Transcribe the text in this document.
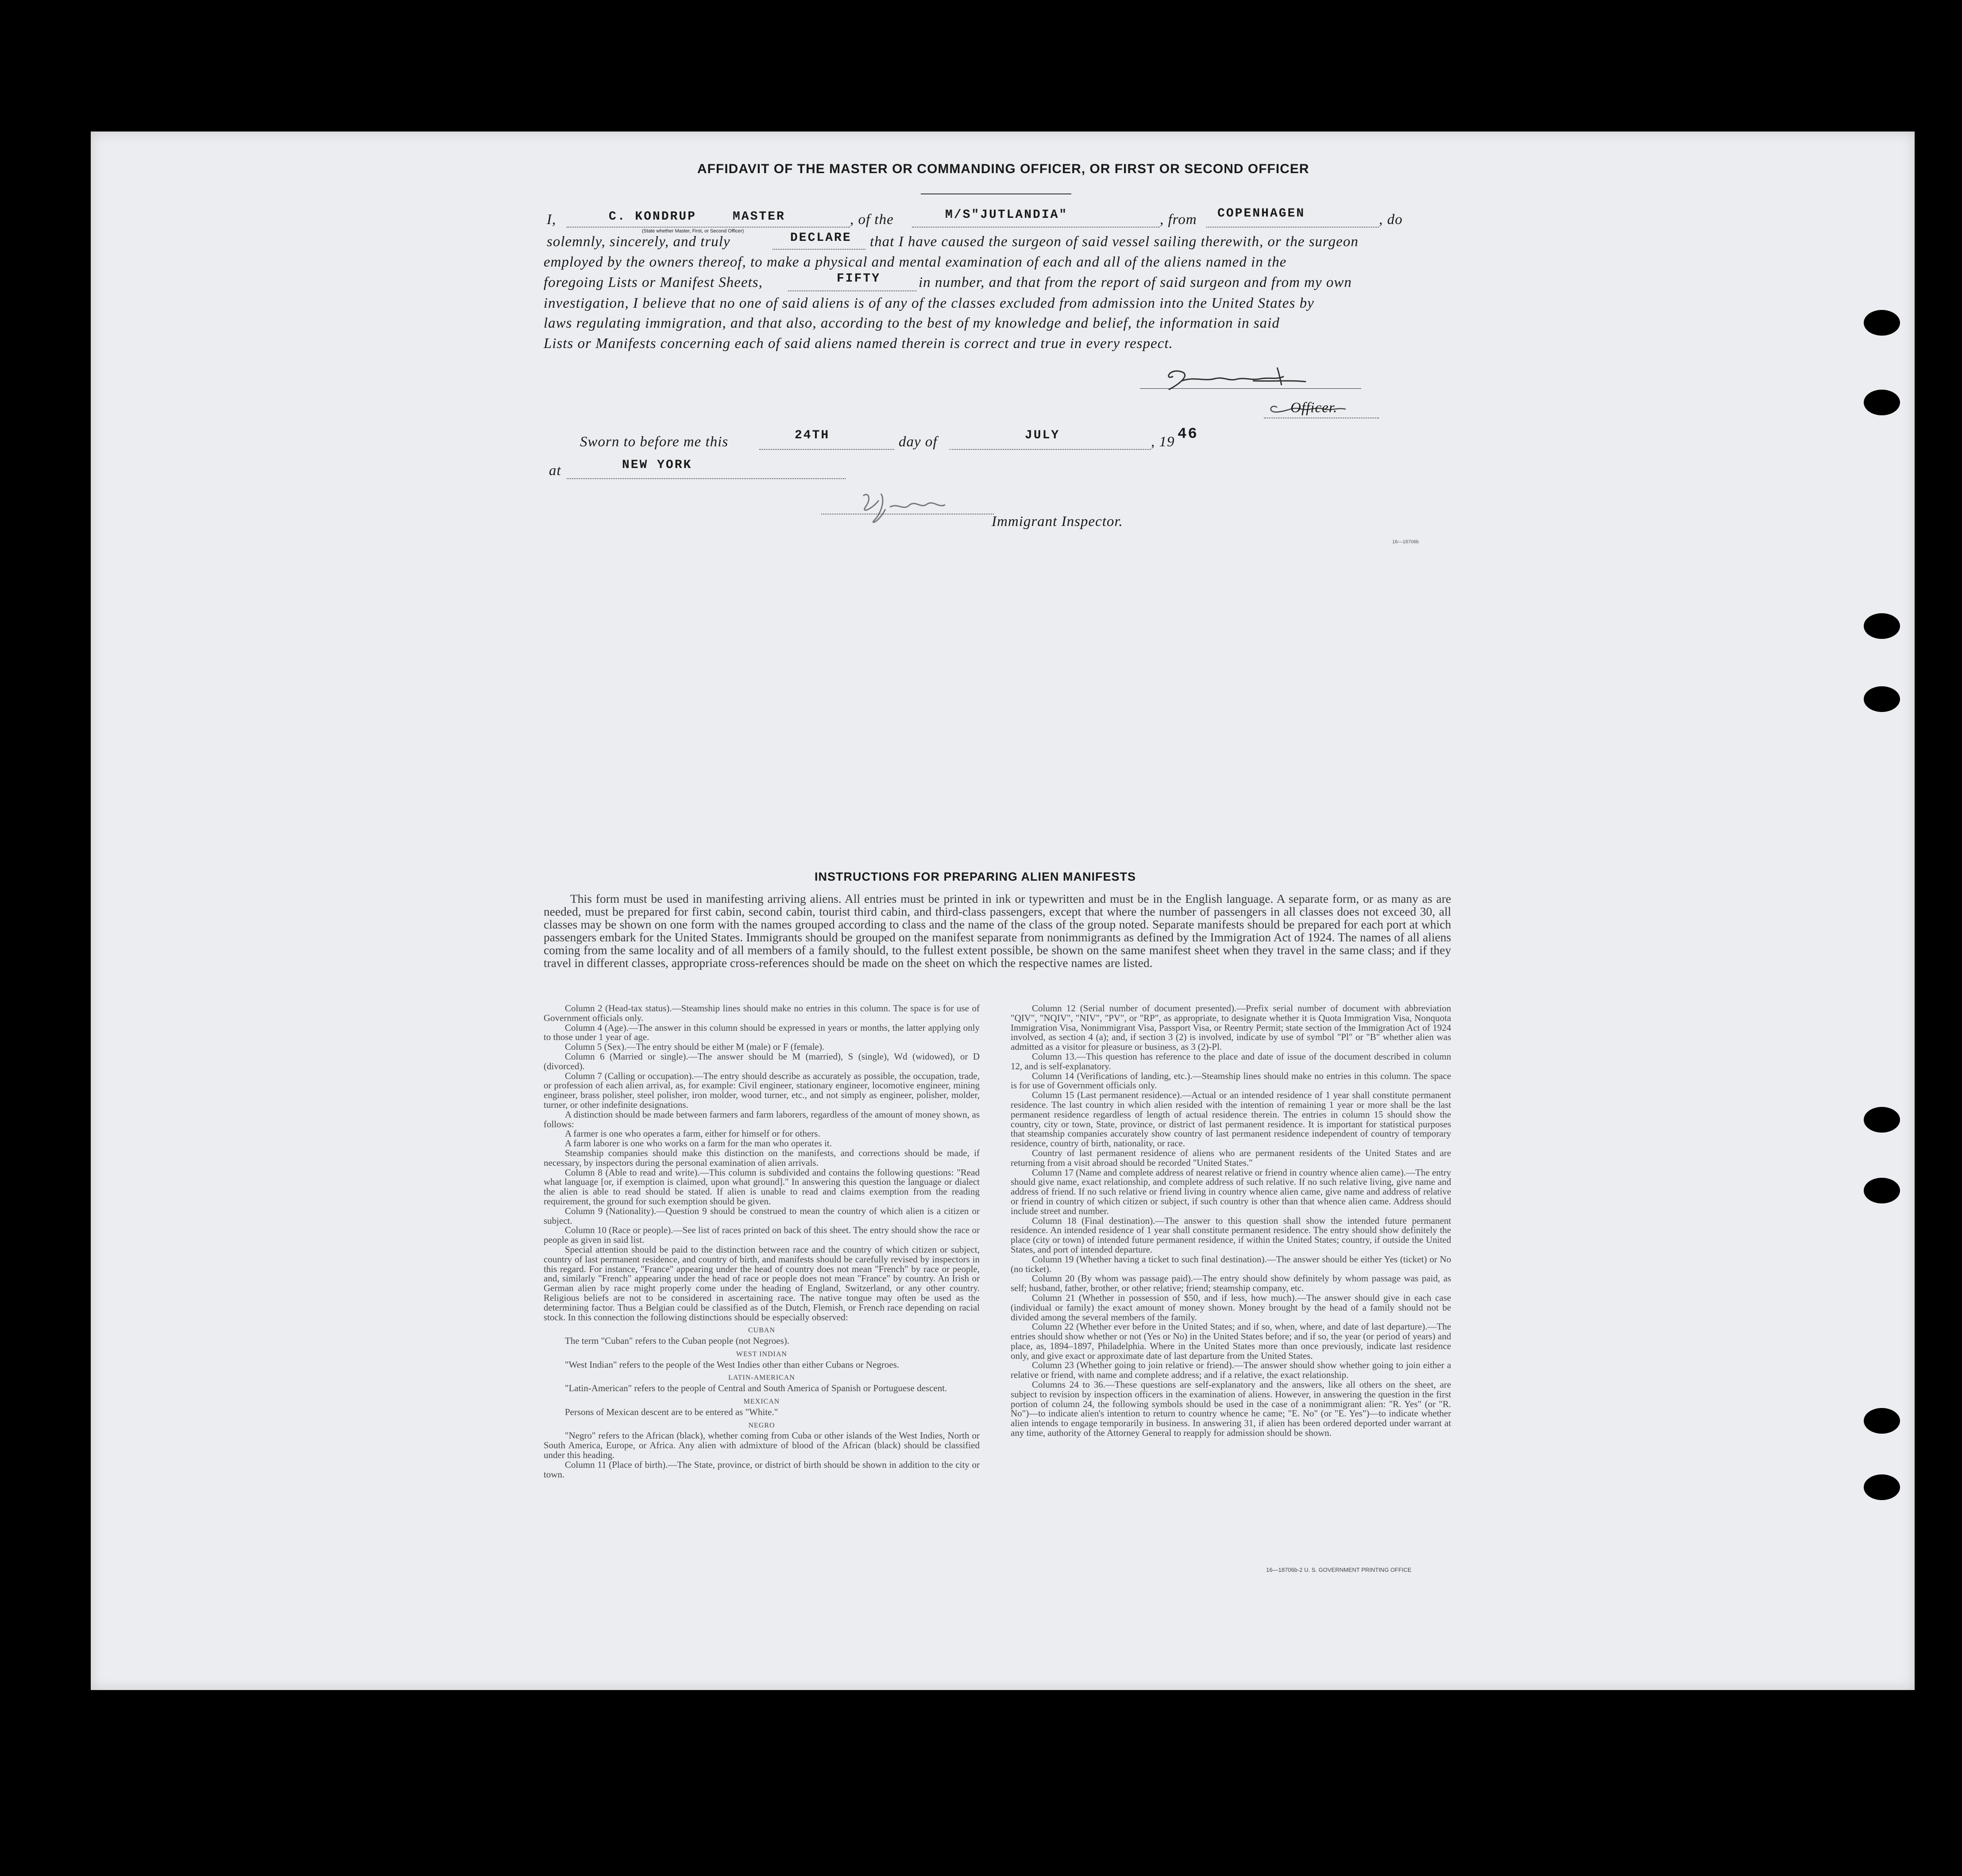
AFFIDAVIT OF THE MASTER OR COMMANDING OFFICER, OR FIRST OR SECOND OFFICER
I,	C. KONDRUP	MASTER
(State whether Master, First, or Second Officer)
, of the	M/S"JUTLANDIA"	, from COPENHAGEN	, do
solemnly, sincerely, and truly	DECLARE that I have caused the surgeon of said vessel sailing therewith, or the surgeon
employed by the owners thereof, to make a physical and mental examination of each and all of the aliens named in the
foregoing Lists or Manifest Sheets,	FIFTY	in number, and that from the report of said surgeon and from my own
investigation, I believe that no one of said aliens is of any of the classes excluded from admission into the United States by
laws regulating immigration, and that also, according to the best of my knowledge and belief, the information in said
Lists or Manifests concerning each of said aliens named therein is correct and true in every respect.
Officer.
Sworn to before me this	24TH	day of	JULY	, 19 46
at	NEW YORK
Immigrant Inspector.
16—18706b
INSTRUCTIONS FOR PREPARING ALIEN MANIFESTS

This form must be used in manifesting arriving aliens. All entries must be printed in ink or typewritten and must be in the English language. A separate form, or as many as are needed, must be prepared for first cabin, second cabin, tourist third cabin, and third-class passengers, except that where the number of passengers in all classes does not exceed 30, all classes may be shown on one form with the names grouped according to class and the name of the class of the group noted. Separate manifests should be prepared for each port at which passengers embark for the United States. Immigrants should be grouped on the manifest separate from nonimmigrants as defined by the Immigration Act of 1924. The names of all aliens coming from the same locality and of all members of a family should, to the fullest extent possible, be shown on the same manifest sheet when they travel in the same class; and if they travel in different classes, appropriate cross-references should be made on the sheet on which the respective names are listed.

Column 2 (Head-tax status).—Steamship lines should make no entries in this column. The space is for use of Government officials only.

Column 4 (Age).—The answer in this column should be expressed in years or months, the latter applying only to those under 1 year of age.

Column 5 (Sex).—The entry should be either M (male) or F (female).

Column 6 (Married or single).—The answer should be M (married), S (single), Wd (widowed), or D (divorced).

Column 7 (Calling or occupation).—The entry should describe as accurately as possible, the occupation, trade, or profession of each alien arrival, as, for example: Civil engineer, stationary engineer, locomotive engineer, mining engineer, brass polisher, steel polisher, iron molder, wood turner, etc., and not simply as engineer, polisher, molder, turner, or other indefinite designations.

A distinction should be made between farmers and farm laborers, regardless of the amount of money shown, as follows:

A farmer is one who operates a farm, either for himself or for others.

A farm laborer is one who works on a farm for the man who operates it.

Steamship companies should make this distinction on the manifests, and corrections should be made, if necessary, by inspectors during the personal examination of alien arrivals.

Column 8 (Able to read and write).—This column is subdivided and contains the following questions: "Read what language [or, if exemption is claimed, upon what ground]." In answering this question the language or dialect the alien is able to read should be stated. If alien is unable to read and claims exemption from the reading requirement, the ground for such exemption should be given.

Column 9 (Nationality).—Question 9 should be construed to mean the country of which alien is a citizen or subject.

Column 10 (Race or people).—See list of races printed on back of this sheet. The entry should show the race or people as given in said list.

Special attention should be paid to the distinction between race and the country of which citizen or subject, country of last permanent residence, and country of birth, and manifests should be carefully revised by inspectors in this regard. For instance, "France" appearing under the head of country does not mean "French" by race or people, and, similarly "French" appearing under the head of race or people does not mean "France" by country. An Irish or German alien by race might properly come under the heading of England, Switzerland, or any other country. Religious beliefs are not to be considered in ascertaining race. The native tongue may often be used as the determining factor. Thus a Belgian could be classified as of the Dutch, Flemish, or French race depending on racial stock. In this connection the following distinctions should be especially observed:

CUBAN

The term "Cuban" refers to the Cuban people (not Negroes).

WEST INDIAN

"West Indian" refers to the people of the West Indies other than either Cubans or Negroes.

LATIN-AMERICAN

"Latin-American" refers to the people of Central and South America of Spanish or Portuguese descent.

MEXICAN

Persons of Mexican descent are to be entered as "White."

NEGRO

"Negro" refers to the African (black), whether coming from Cuba or other islands of the West Indies, North or South America, Europe, or Africa. Any alien with admixture of blood of the African (black) should be classified under this heading.

Column 11 (Place of birth).—The State, province, or district of birth should be shown in addition to the city or town.

Column 12 (Serial number of document presented).—Prefix serial number of document with abbreviation "QIV", "NQIV", "NIV", "PV", or "RP", as appropriate, to designate whether it is Quota Immigration Visa, Nonquota Immigration Visa, Nonimmigrant Visa, Passport Visa, or Reentry Permit; state section of the Immigration Act of 1924 involved, as section 4 (a); and, if section 3 (2) is involved, indicate by use of symbol "Pl" or "B" whether alien was admitted as a visitor for pleasure or business, as 3 (2)-Pl.

Column 13.—This question has reference to the place and date of issue of the document described in column 12, and is self-explanatory.

Column 14 (Verifications of landing, etc.).—Steamship lines should make no entries in this column. The space is for use of Government officials only.

Column 15 (Last permanent residence).—Actual or an intended residence of 1 year shall constitute permanent residence. The last country in which alien resided with the intention of remaining 1 year or more shall be the last permanent residence regardless of length of actual residence therein. The entries in column 15 should show the country, city or town, State, province, or district of last permanent residence. It is important for statistical purposes that steamship companies accurately show country of last permanent residence independent of country of temporary residence, country of birth, nationality, or race.

Country of last permanent residence of aliens who are permanent residents of the United States and are returning from a visit abroad should be recorded "United States."

Column 17 (Name and complete address of nearest relative or friend in country whence alien came).—The entry should give name, exact relationship, and complete address of such relative. If no such relative living, give name and address of friend. If no such relative or friend living in country whence alien came, give name and address of relative or friend in country of which citizen or subject, if such country is other than that whence alien came. Address should include street and number.

Column 18 (Final destination).—The answer to this question shall show the intended future permanent residence. An intended residence of 1 year shall constitute permanent residence. The entry should show definitely the place (city or town) of intended future permanent residence, if within the United States; country, if outside the United States, and port of intended departure.

Column 19 (Whether having a ticket to such final destination).—The answer should be either Yes (ticket) or No (no ticket).

Column 20 (By whom was passage paid).—The entry should show definitely by whom passage was paid, as self; husband, father, brother, or other relative; friend; steamship company, etc.

Column 21 (Whether in possession of $50, and if less, how much).—The answer should give in each case (individual or family) the exact amount of money shown. Money brought by the head of a family should not be divided among the several members of the family.

Column 22 (Whether ever before in the United States; and if so, when, where, and date of last departure).—The entries should show whether or not (Yes or No) in the United States before; and if so, the year (or period of years) and place, as, 1894–1897, Philadelphia. Where in the United States more than once previously, indicate last residence only, and give exact or approximate date of last departure from the United States.

Column 23 (Whether going to join relative or friend).—The answer should show whether going to join either a relative or friend, with name and complete address; and if a relative, the exact relationship.

Columns 24 to 36.—These questions are self-explanatory and the answers, like all others on the sheet, are subject to revision by inspection officers in the examination of aliens. However, in answering the question in the first portion of column 24, the following symbols should be used in the case of a nonimmigrant alien: "R. Yes" (or "R. No")—to indicate alien's intention to return to country whence he came; "E. No" (or "E. Yes")—to indicate whether alien intends to engage temporarily in business. In answering 31, if alien has been ordered deported under warrant at any time, authority of the Attorney General to reapply for admission should be shown.

16—18706b-2 U. S. GOVERNMENT PRINTING OFFICE
